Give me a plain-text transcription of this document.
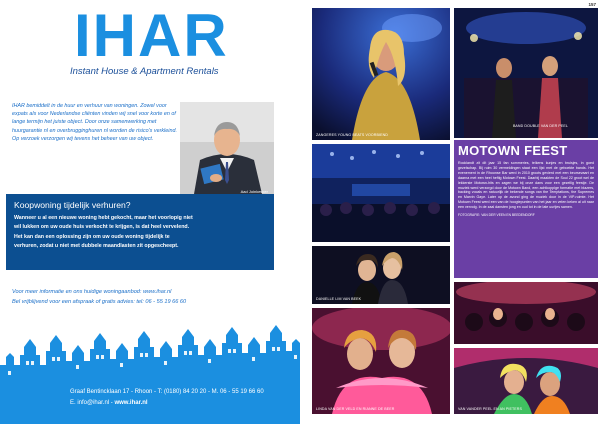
IHAR
Instant House & Apartment Rentals

IHAR bemiddelt in de huur en verhuur van woningen. Zowel voor expats als voor Nederlandse cliënten vinden wij snel voor korte en of lange termijn het juiste object. Door onze samenwerking met huurgarantie nl en overbrugginghuren nl worden de risico's verkleind. Op verzoek verzorgen wij tevens het beheer van uw object.

Aad Joinkesker
Koopwoning tijdelijk verhuren?

Wanneer u al een nieuwe woning hebt gekocht, maar het voorlopig niet wil lukken om uw oude huis verkocht te krijgen, is dat heel vervelend. Het kan dan een oplossing zijn om uw oude woning tijdelijk te verhuren, zodat u niet met dubbele maandlasten zit opgescheept.

Voor meer informatie en ons huidige woningaanbod: www.ihar.nl
Bel vrijblijvend voor een afspraak of gratis advies: tel: 06 - 55 19 66 60
Graaf Bentincklaan 17 - Rhoon - T: (0180) 84 20 20 - M. 06 - 55 19 66 60
E. info@ihar.nl - www.ihar.nl
157
ZANGERES YOUNG BEATS VOORBIEND
BAND DOUBLE VAN DER PEEL
MOTOWN FEEST

Rocklandt zit dit jaar 15 fan sommeries, telkens kunjes en bruisjes, in goed gezelschap. Bij ruim 30 vermeldingen staat een lijst met de geboekte bands. Het evenement in de Rhoonse Bar werd in 2010 groots gevierd met een beursevaart en daarna met een heel heftig Motown Feest. Daarbij maakten de Soul 22 groot wel de lekkerste Motown-hits en zagen we bij onze dans voor een gezellig feestje. De muziek werd verzorgd door de Motown Band, een achtkoppige formatie met blazers, backing vocals en natuurlijk de bekende songs van the Temptations, the Supremes en Marvin Gaye. Later op de avond ging de muziek door in de VIP-ruimte. Het Motown Feest werd een van de hoogtepunten van het jaar en velen keken al uit naar een vervolg. In de zaal dansten jong en oud tot in de late uurtjes samen.

FOTOGRAFIE: VAN DER VEEN EN BEEDENDORF
DANIELLE LIM VAN BEEK
LINDA VAN DER VELD EN RIANNE DE BEER	VAN VANDER PEEL EN AN PIETERS
